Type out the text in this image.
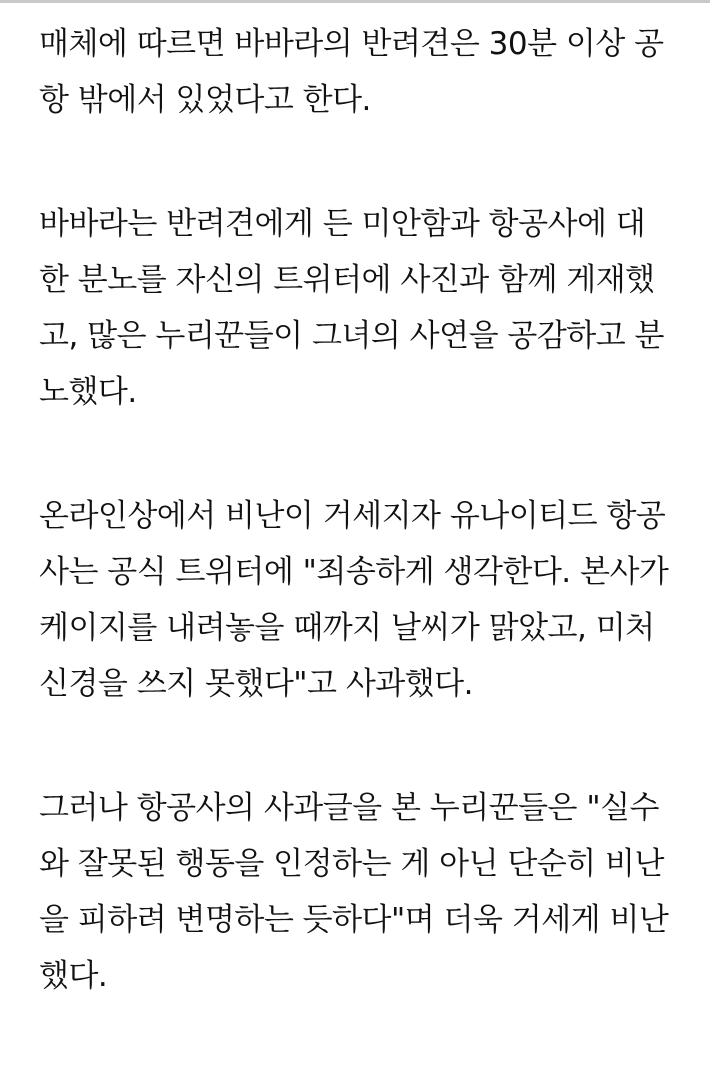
매체에 따르면 바바라의 반려견은 30분 이상 공
항 밖에서 있었다고 한다.

바바라는 반려견에게 든 미안함과 항공사에 대
한 분노를 자신의 트위터에 사진과 함께 게재했
고, 많은 누리꾼들이 그녀의 사연을 공감하고 분
노했다.

온라인상에서 비난이 거세지자 유나이티드 항공
사는 공식 트위터에 "죄송하게 생각한다. 본사가
케이지를 내려놓을 때까지 날씨가 맑았고, 미처
신경을 쓰지 못했다"고 사과했다.

그러나 항공사의 사과글을 본 누리꾼들은 "실수
와 잘못된 행동을 인정하는 게 아닌 단순히 비난
을 피하려 변명하는 듯하다"며 더욱 거세게 비난
했다.
